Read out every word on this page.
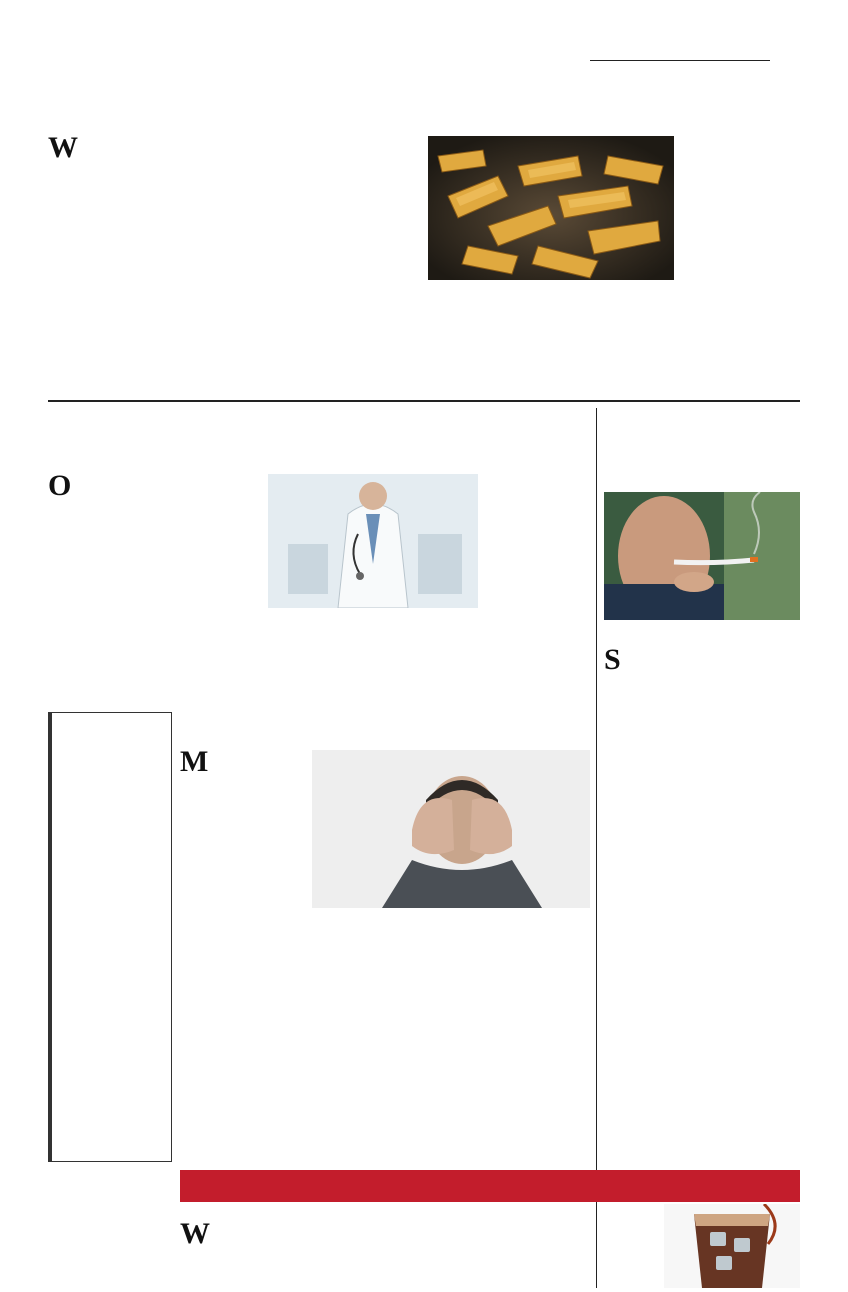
W

O

S

M

W
